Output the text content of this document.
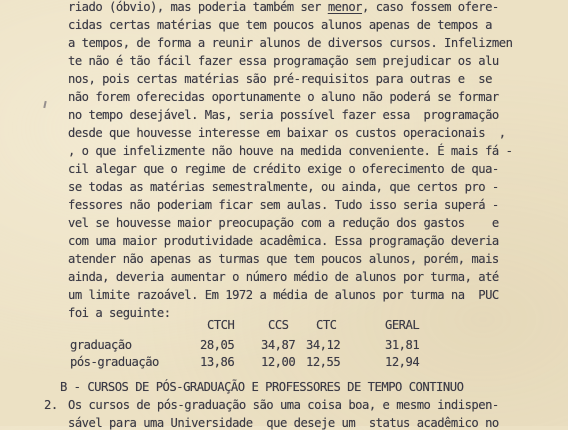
riado (óbvio), mas poderia também ser menor, caso fossem ofere-
cidas certas matérias que tem poucos alunos apenas de tempos a
a tempos, de forma a reunir alunos de diversos cursos. Infelizmen
te não é tão fácil fazer essa programação sem prejudicar os alu
nos, pois certas matérias são pré-requisitos para outras e  se
não forem oferecidas oportunamente o aluno não poderá se formar
no tempo desejável. Mas, seria possível fazer essa  programação
desde que houvesse interesse em baixar os custos operacionais  ,
, o que infelizmente não houve na medida conveniente. É mais fá -
cil alegar que o regime de crédito exige o oferecimento de qua-
se todas as matérias semestralmente, ou ainda, que certos pro -
fessores não poderiam ficar sem aulas. Tudo isso seria superá -
vel se houvesse maior preocupação com a redução dos gastos    e
com uma maior produtividade acadêmica. Essa programação deveria
atender não apenas as turmas que tem poucos alunos, porém, mais
ainda, deveria aumentar o número médio de alunos por turma, até
um limite razoável. Em 1972 a média de alunos por turma na  PUC
foi a seguinte:
CTCH	CCS CTC	GERAL
graduação	28,05 34,87 34,12	31,81
pós-graduação	13,86 12,00 12,55	12,94
B - CURSOS DE PÓS-GRADUAÇÃO E PROFESSORES DE TEMPO CONTINUO
2. Os cursos de pós-graduação são uma coisa boa, e mesmo indispen-
sável para uma Universidade  que deseje um  status acadêmico no
